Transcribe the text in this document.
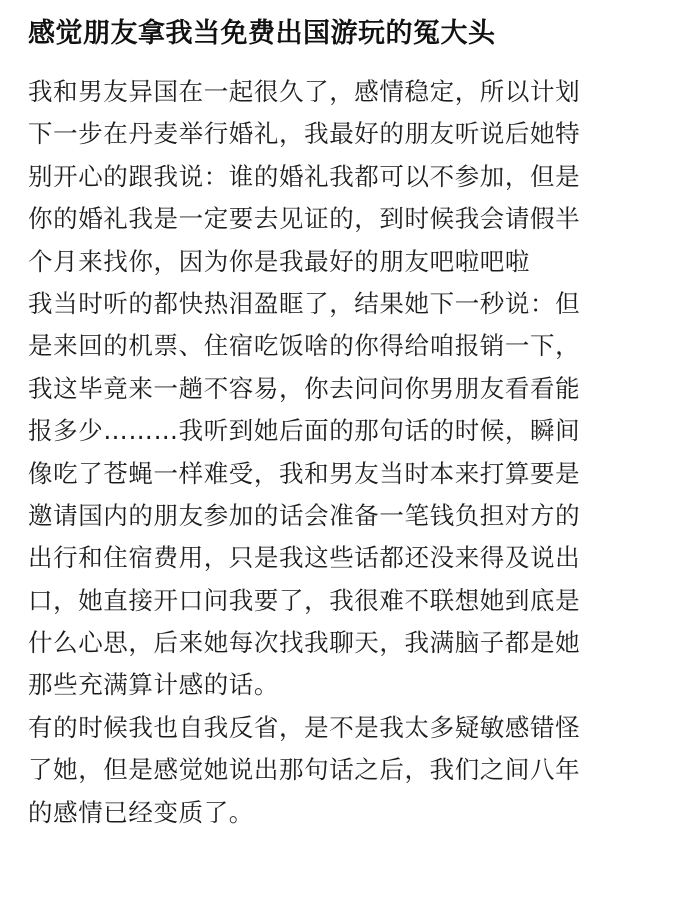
感觉朋友拿我当免费出国游玩的冤大头
我和男友异国在一起很久了，感情稳定，所以计划
下一步在丹麦举行婚礼，我最好的朋友听说后她特
别开心的跟我说：谁的婚礼我都可以不参加，但是
你的婚礼我是一定要去见证的，到时候我会请假半
个月来找你，因为你是我最好的朋友吧啦吧啦
我当时听的都快热泪盈眶了，结果她下一秒说：但
是来回的机票、住宿吃饭啥的你得给咱报销一下，
我这毕竟来一趟不容易，你去问问你男朋友看看能
报多少………我听到她后面的那句话的时候，瞬间
像吃了苍蝇一样难受，我和男友当时本来打算要是
邀请国内的朋友参加的话会准备一笔钱负担对方的
出行和住宿费用，只是我这些话都还没来得及说出
口，她直接开口问我要了，我很难不联想她到底是
什么心思，后来她每次找我聊天，我满脑子都是她
那些充满算计感的话。
有的时候我也自我反省，是不是我太多疑敏感错怪
了她，但是感觉她说出那句话之后，我们之间八年
的感情已经变质了。
